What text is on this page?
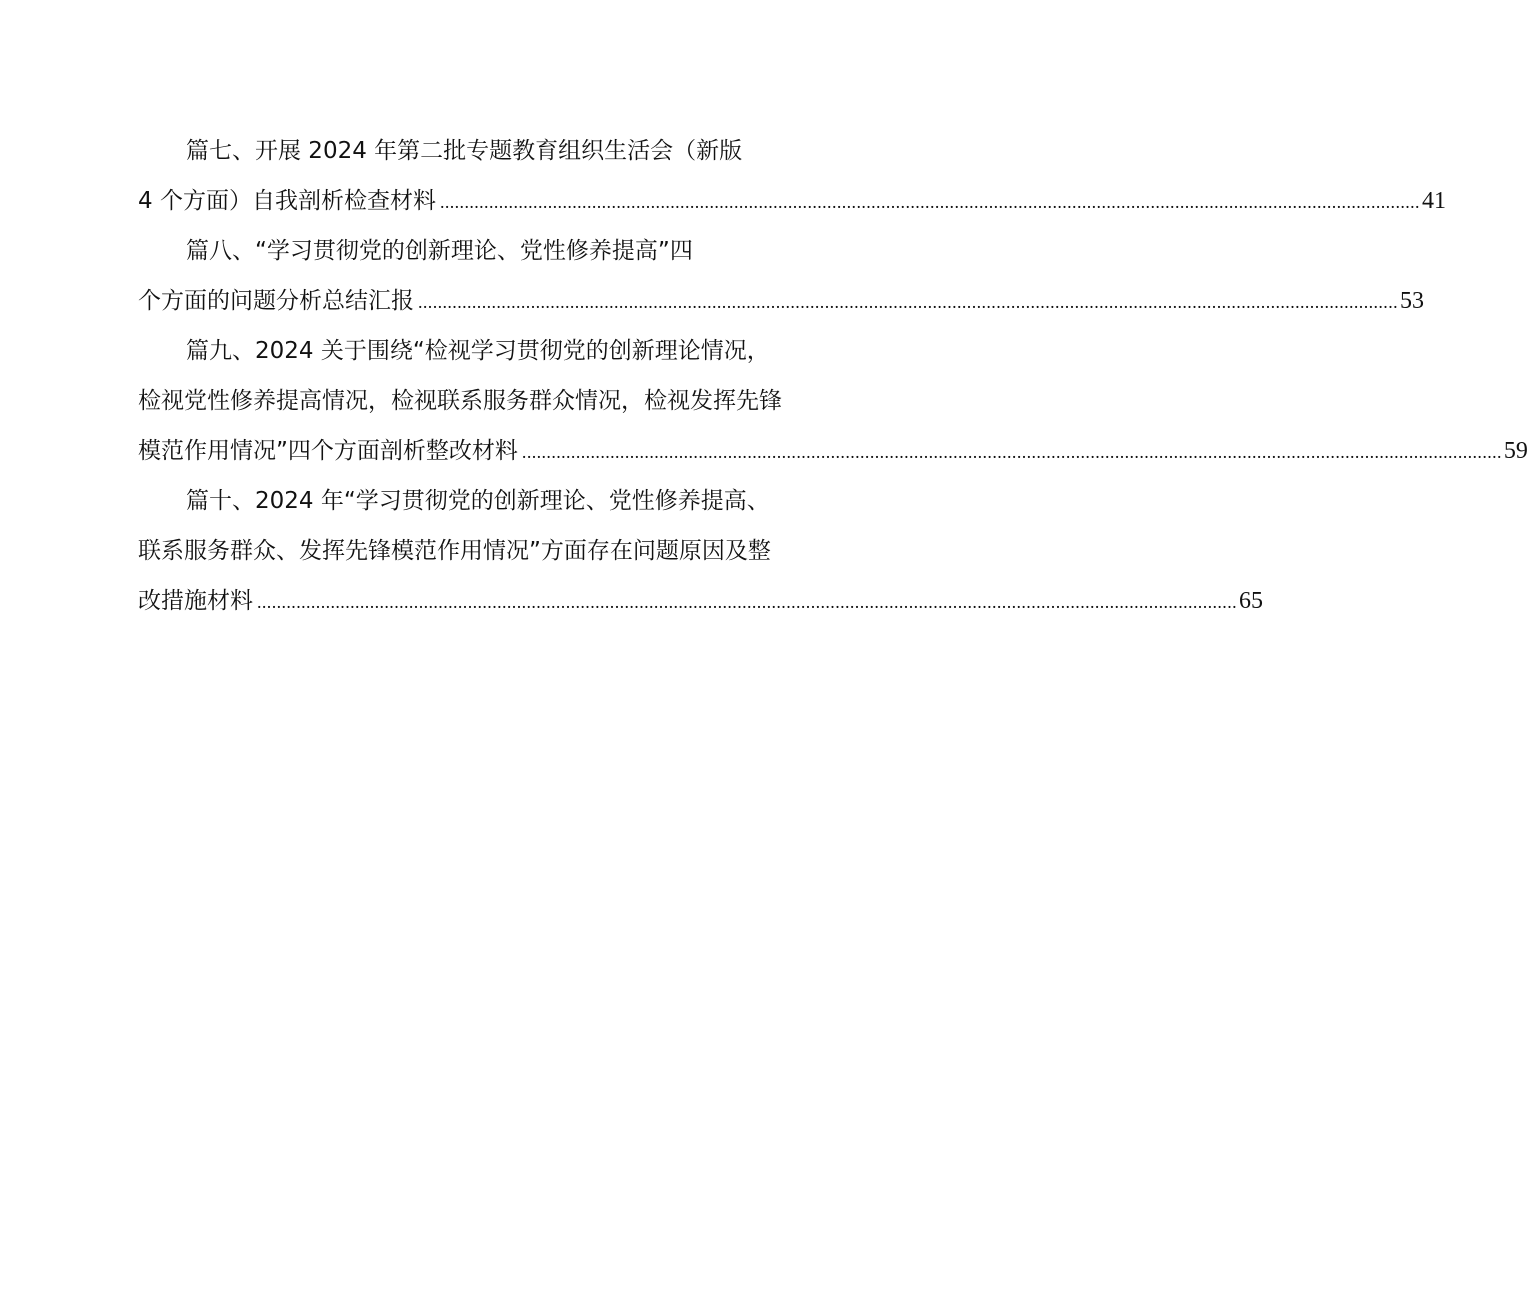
篇七、开展 2024 年第二批专题教育组织生活会（新版
4 个方面）自我剖析检查材料 ........................................................................................................................................................................................................ 41
篇八、“学习贯彻党的创新理论、党性修养提高”四
个方面的问题分析总结汇报 ........................................................................................................................................................................................................ 53
篇九、2024 关于围绕“检视学习贯彻党的创新理论情况，
检视党性修养提高情况，检视联系服务群众情况，检视发挥先锋
模范作用情况”四个方面剖析整改材料 ........................................................................................................................................................................................................ 59
篇十、2024 年“学习贯彻党的创新理论、党性修养提高、
联系服务群众、发挥先锋模范作用情况”方面存在问题原因及整
改措施材料 ........................................................................................................................................................................................................ 65
